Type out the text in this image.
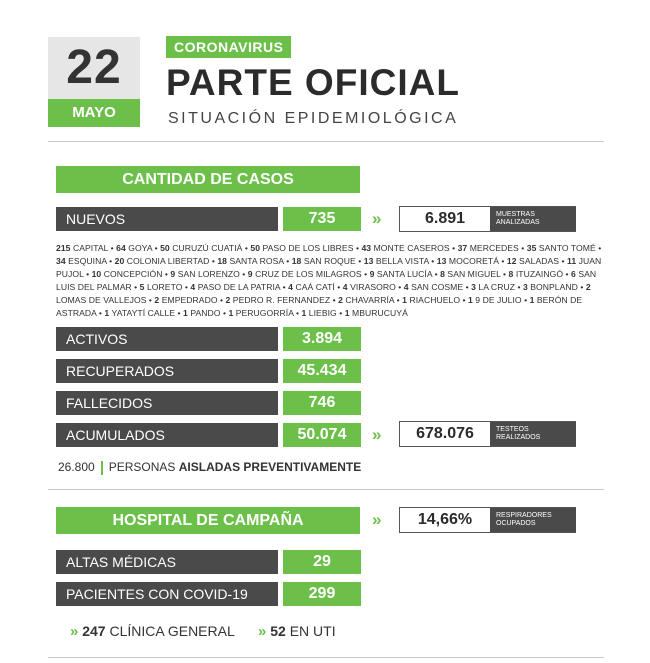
22
MAYO
CORONAVIRUS
PARTE OFICIAL
SITUACIÓN EPIDEMIOLÓGICA
CANTIDAD DE CASOS
NUEVOS	735	»	6.891	MUESTRAS
ANALIZADAS
215 CAPITAL • 64 GOYA • 50 CURUZÚ CUATIÁ • 50 PASO DE LOS LIBRES • 43 MONTE CASEROS • 37 MERCEDES • 35 SANTO TOMÉ • 34 ESQUINA • 20 COLONIA LIBERTAD • 18 SANTA ROSA • 18 SAN ROQUE • 13 BELLA VISTA • 13 MOCORETÁ • 12 SALADAS • 11 JUAN PUJOL • 10 CONCEPCIÓN • 9 SAN LORENZO • 9 CRUZ DE LOS MILAGROS • 9 SANTA LUCÍA • 8 SAN MIGUEL • 8 ITUZAINGÓ • 6 SAN LUIS DEL PALMAR • 5 LORETO • 4 PASO DE LA PATRIA • 4 CAÁ CATÍ • 4 VIRASORO • 4 SAN COSME • 3 LA CRUZ • 3 BONPLAND • 2 LOMAS DE VALLEJOS • 2 EMPEDRADO • 2 PEDRO R. FERNANDEZ • 2 CHAVARRÍA • 1 RIACHUELO • 1 9 DE JULIO • 1 BERÓN DE ASTRADA • 1 YATAYTÍ CALLE • 1 PANDO • 1 PERUGORRÍA • 1 LIEBIG • 1 MBURUCUYÁ
ACTIVOS	3.894
RECUPERADOS	45.434
FALLECIDOS	746
ACUMULADOS	50.074	»	678.076	TESTEOS
REALIZADOS
26.800 PERSONAS AISLADAS PREVENTIVAMENTE
HOSPITAL DE CAMPAÑA	»	14,66%	RESPIRADORES
OCUPADOS
ALTAS MÉDICAS	29
PACIENTES CON COVID-19	299
» 247 CLÍNICA GENERAL » 52 EN UTI
